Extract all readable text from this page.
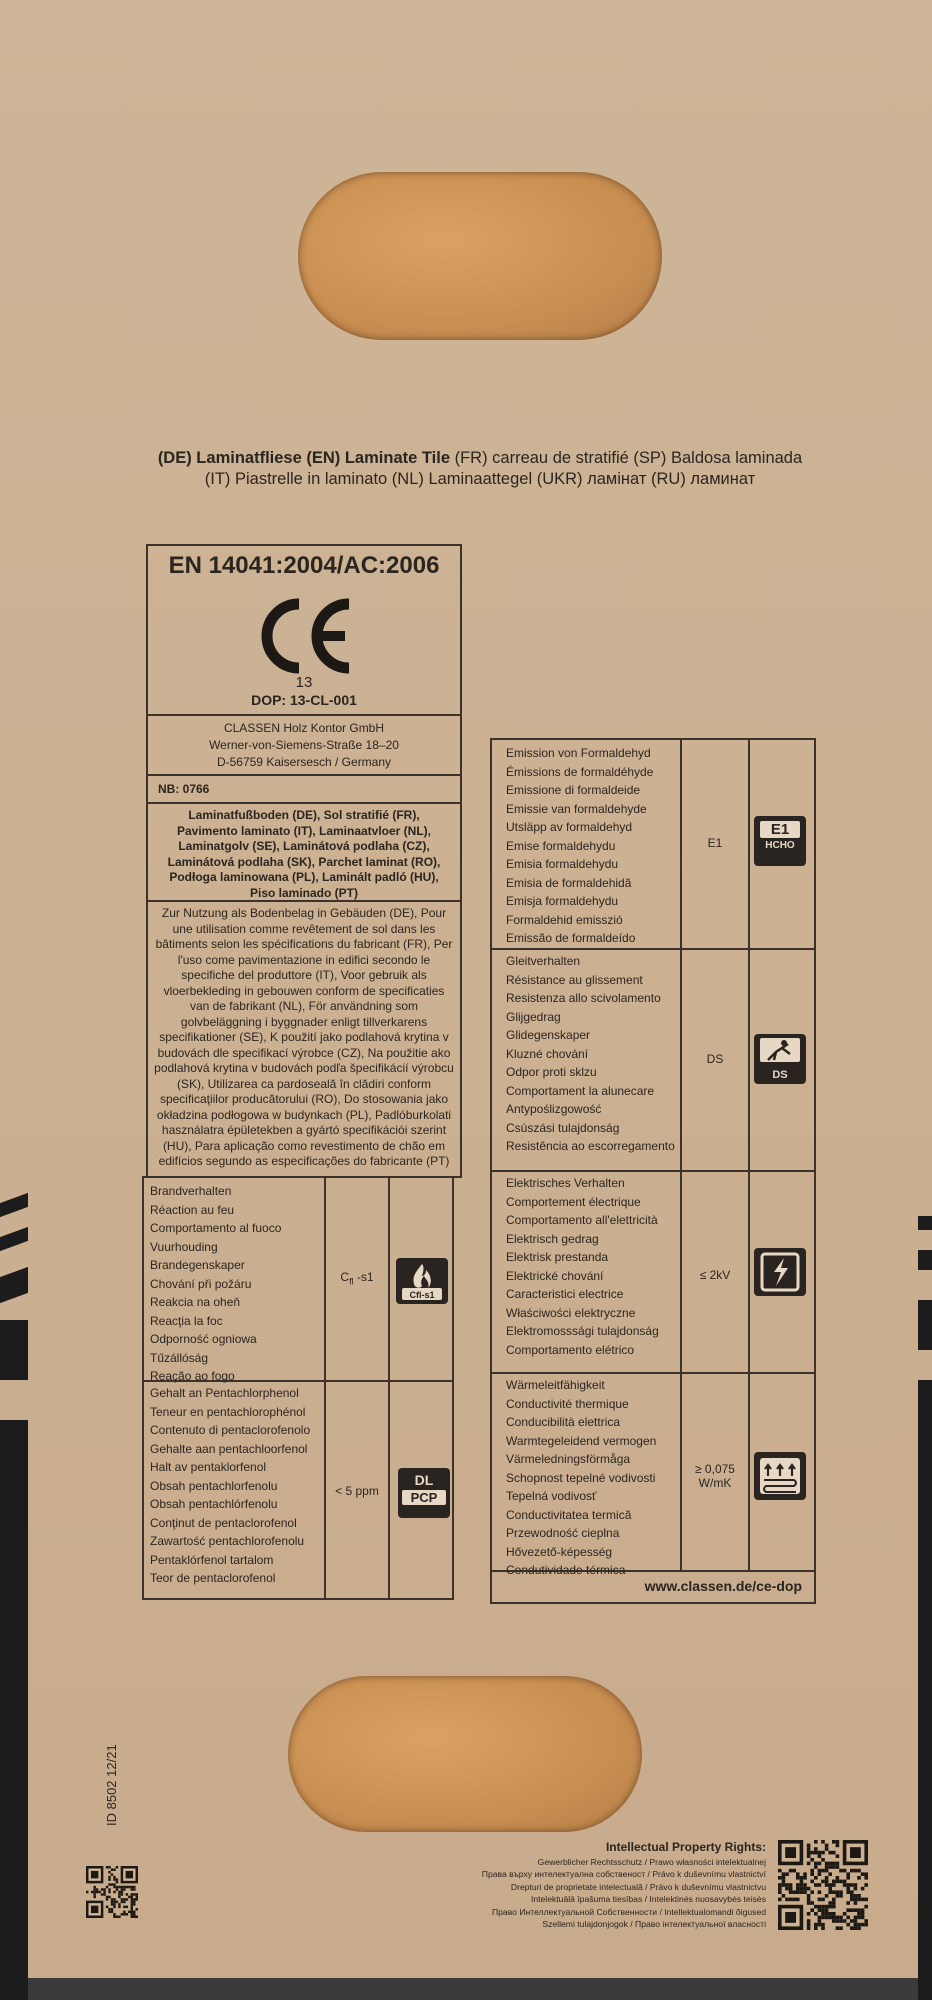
(DE) Laminatfliese (EN) Laminate Tile (FR) carreau de stratifié (SP) Baldosa laminada
(IT) Piastrelle in laminato (NL) Laminaattegel (UKR) ламінат (RU) ламинат
EN 14041:2004/AC:2006
13
DOP: 13-CL-001
CLASSEN Holz Kontor GmbH
Werner-von-Siemens-Straße 18–20
D-56759 Kaisersesch / Germany
NB: 0766
Laminatfußboden (DE), Sol stratifié (FR), Pavimento laminato (IT), Laminaatvloer (NL), Laminatgolv (SE), Laminátová podlaha (CZ), Laminátová podlaha (SK), Parchet laminat (RO), Podłoga laminowana (PL), Laminált padló (HU), Piso laminado (PT)
Zur Nutzung als Bodenbelag in Gebäuden (DE), Pour une utilisation comme revêtement de sol dans les bâtiments selon les spécifications du fabricant (FR), Per l'uso come pavimentazione in edifici secondo le specifiche del produttore (IT), Voor gebruik als vloerbekleding in gebouwen conform de specificaties van de fabrikant (NL), För användning som golvbeläggning i byggnader enligt tillverkarens specifikationer (SE), K použití jako podlahová krytina v budovách dle specifikací výrobce (CZ), Na použitie ako podlahová krytina v budovách podľa špecifikácií výrobcu (SK), Utilizarea ca pardoseală în clădiri conform specificaţiilor producătorului (RO), Do stosowania jako okładzina podłogowa w budynkach (PL), Padlóburkolati használatra épületekben a gyártó specifikációi szerint (HU), Para aplicação como revestimento de chão em edifícios segundo as especificações do fabricante (PT)
Brandverhalten
Réaction au feu
Comportamento al fuoco
Vuurhouding
Brandegenskaper
Chování při požáru
Reakcia na oheň
Reacţia la foc
Odporność ogniowa
Tűzállóság
Reação ao fogo
$C_{fl}$ -s1
Cfl-s1
Gehalt an Pentachlorphenol
Teneur en pentachlorophénol
Contenuto di pentaclorofenolo
Gehalte aan pentachloorfenol
Halt av pentaklorfenol
Obsah pentachlorfenolu
Obsah pentachlórfenolu
Conţinut de pentaclorofenol
Zawartość pentachlorofenolu
Pentaklórfenol tartalom
Teor de pentaclorofenol
< 5 ppm
DL
PCP
Emission von Formaldehyd
Émissions de formaldéhyde
Emissione di formaldeide
Emissie van formaldehyde
Utsläpp av formaldehyd
Emise formaldehydu
Emisia formaldehydu
Emisia de formaldehidă
Emisja formaldehydu
Formaldehid emisszió
Emissão de formaldeído
E1
E1
HCHO
Gleitverhalten
Résistance au glissement
Resistenza allo scivolamento
Glijgedrag
Glidegenskaper
Kluzné chování
Odpor proti sklzu
Comportament la alunecare
Antypoślizgowość
Csúszási tulajdonság
Resistência ao escorregamento
DS
DS
Elektrisches Verhalten
Comportement électrique
Comportamento all'elettricità
Elektrisch gedrag
Elektrisk prestanda
Elektrické chování
Caracteristici electrice
Właściwości elektryczne
Elektromosssági tulajdonság
Comportamento elétrico
≤ 2kV
Wärmeleitfähigkeit
Conductivité thermique
Conducibilità elettrica
Warmtegeleidend vermogen
Värmeledningsförmåga
Schopnost tepelné vodivosti
Tepelná vodivosť
Conductivitatea termică
Przewodność cieplna
Hővezető-képesség
Condutividade térmica
≥ 0,075
W/mK
www.classen.de/ce-dop
ID 8502 12/21
Intellectual Property Rights:
Gewerblicher Rechtsschutz / Prawo własności intelektualnej
Права върху интелектуална собственост / Právo k duševnímu vlastnictví
Drepturi de proprietate intelectuală / Právo k duševnímu vlastnictvu
Intelektuālā īpašuma tiesības / Intelektinės nuosavybės teisės
Право Интеллектуальной Собственности / Intellektualomandi õigused
Szellemi tulajdonjogok / Право інтелектуальної власності
